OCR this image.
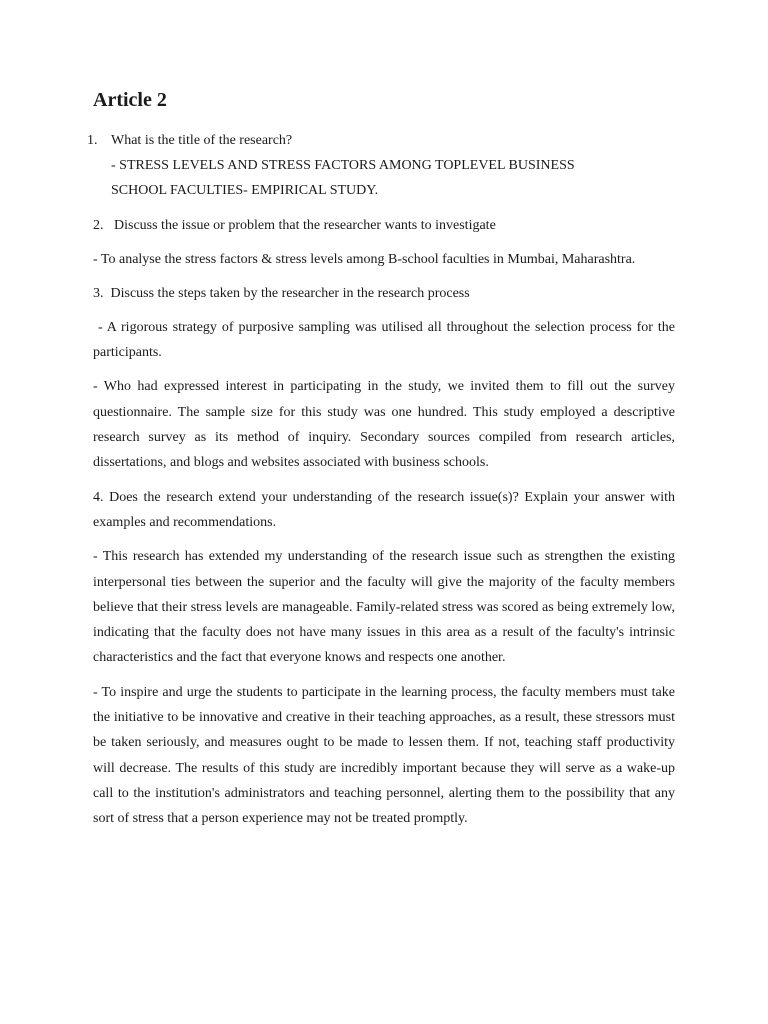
Article 2
1. What is the title of the research?
- STRESS LEVELS AND STRESS FACTORS AMONG TOPLEVEL BUSINESS
SCHOOL FACULTIES- EMPIRICAL STUDY.
2.   Discuss the issue or problem that the researcher wants to investigate
- To analyse the stress factors & stress levels among B-school faculties in Mumbai, Maharashtra.
3.  Discuss the steps taken by the researcher in the research process
- A rigorous strategy of purposive sampling was utilised all throughout the selection process for the participants.
- Who had expressed interest in participating in the study, we invited them to fill out the survey questionnaire. The sample size for this study was one hundred. This study employed a descriptive research survey as its method of inquiry. Secondary sources compiled from research articles, dissertations, and blogs and websites associated with business schools.
4. Does the research extend your understanding of the research issue(s)? Explain your answer with examples and recommendations.
- This research has extended my understanding of the research issue such as strengthen the existing interpersonal ties between the superior and the faculty will give the majority of the faculty members believe that their stress levels are manageable. Family-related stress was scored as being extremely low, indicating that the faculty does not have many issues in this area as a result of the faculty's intrinsic characteristics and the fact that everyone knows and respects one another.
- To inspire and urge the students to participate in the learning process, the faculty members must take the initiative to be innovative and creative in their teaching approaches, as a result, these stressors must be taken seriously, and measures ought to be made to lessen them. If not, teaching staff productivity will decrease. The results of this study are incredibly important because they will serve as a wake-up call to the institution's administrators and teaching personnel, alerting them to the possibility that any sort of stress that a person experience may not be treated promptly.
